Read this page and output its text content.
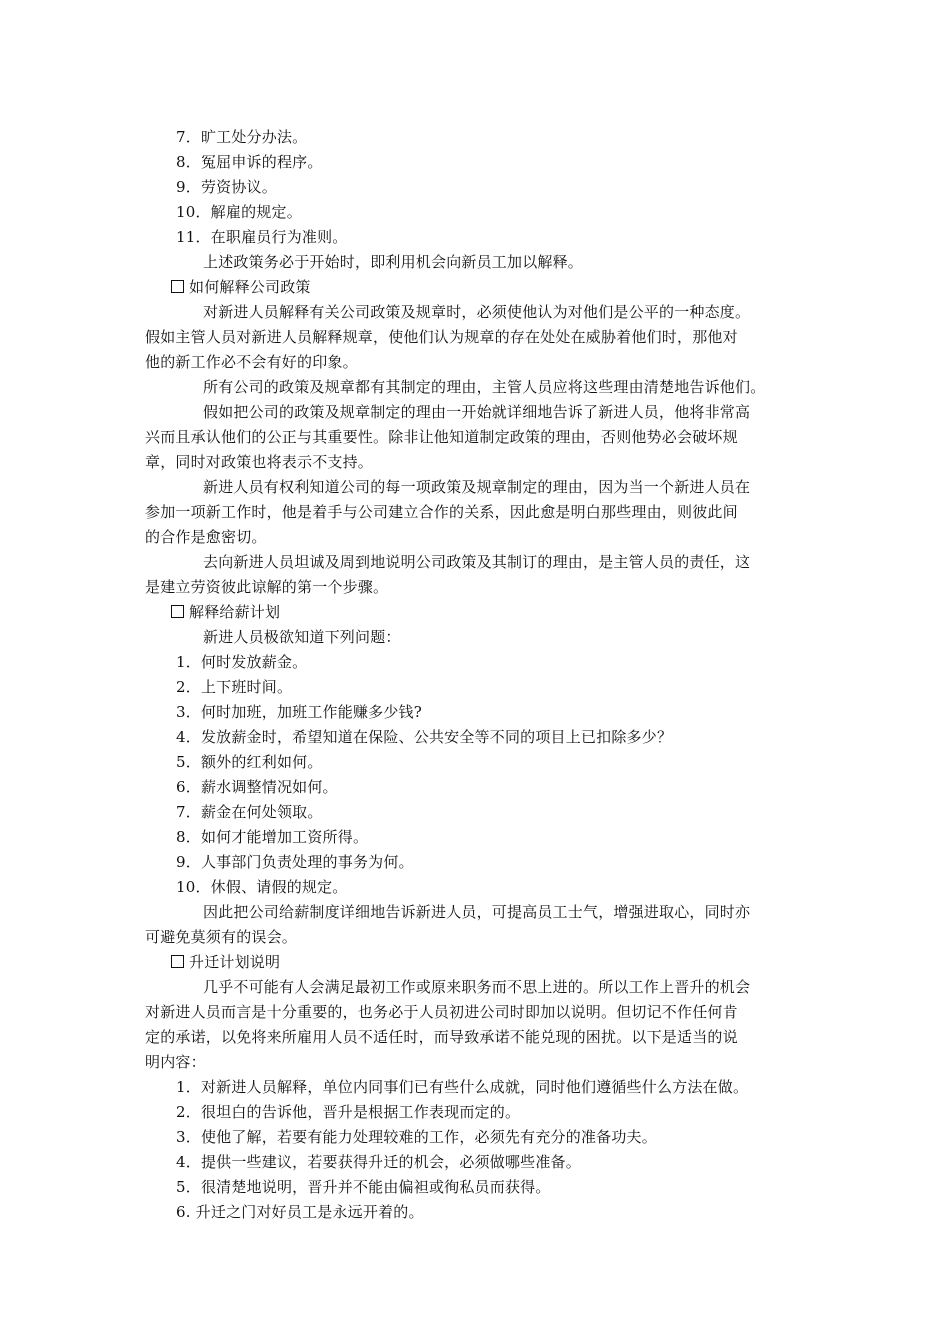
7．旷工处分办法。
8．冤屈申诉的程序。
9．劳资协议。
10．解雇的规定。
11．在职雇员行为准则。
上述政策务必于开始时，即利用机会向新员工加以解释。
如何解释公司政策
对新进人员解释有关公司政策及规章时，必须使他认为对他们是公平的一种态度。
假如主管人员对新进人员解释规章，使他们认为规章的存在处处在威胁着他们时，那他对
他的新工作必不会有好的印象。
所有公司的政策及规章都有其制定的理由，主管人员应将这些理由清楚地告诉他们。
假如把公司的政策及规章制定的理由一开始就详细地告诉了新进人员，他将非常高
兴而且承认他们的公正与其重要性。除非让他知道制定政策的理由，否则他势必会破坏规
章，同时对政策也将表示不支持。
新进人员有权利知道公司的每一项政策及规章制定的理由，因为当一个新进人员在
参加一项新工作时，他是着手与公司建立合作的关系，因此愈是明白那些理由，则彼此间
的合作是愈密切。
去向新进人员坦诚及周到地说明公司政策及其制订的理由，是主管人员的责任，这
是建立劳资彼此谅解的第一个步骤。
解释给薪计划
新进人员极欲知道下列问题：
1．何时发放薪金。
2．上下班时间。
3．何时加班，加班工作能赚多少钱?
4．发放薪金时，希望知道在保险、公共安全等不同的项目上已扣除多少？
5．额外的红利如何。
6．薪水调整情况如何。
7．薪金在何处领取。
8．如何才能增加工资所得。
9．人事部门负责处理的事务为何。
10．休假、请假的规定。
因此把公司给薪制度详细地告诉新进人员，可提高员工士气，增强进取心，同时亦
可避免莫须有的误会。
升迁计划说明
几乎不可能有人会满足最初工作或原来职务而不思上进的。所以工作上晋升的机会
对新进人员而言是十分重要的，也务必于人员初进公司时即加以说明。但切记不作任何肯
定的承诺，以免将来所雇用人员不适任时，而导致承诺不能兑现的困扰。以下是适当的说
明内容：
1．对新进人员解释，单位内同事们已有些什么成就，同时他们遵循些什么方法在做。
2．很坦白的告诉他，晋升是根据工作表现而定的。
3．使他了解，若要有能力处理较难的工作，必须先有充分的准备功夫。
4．提供一些建议，若要获得升迁的机会，必须做哪些准备。
5．很清楚地说明，晋升并不能由偏袒或徇私员而获得。
6. 升迁之门对好员工是永远开着的。
